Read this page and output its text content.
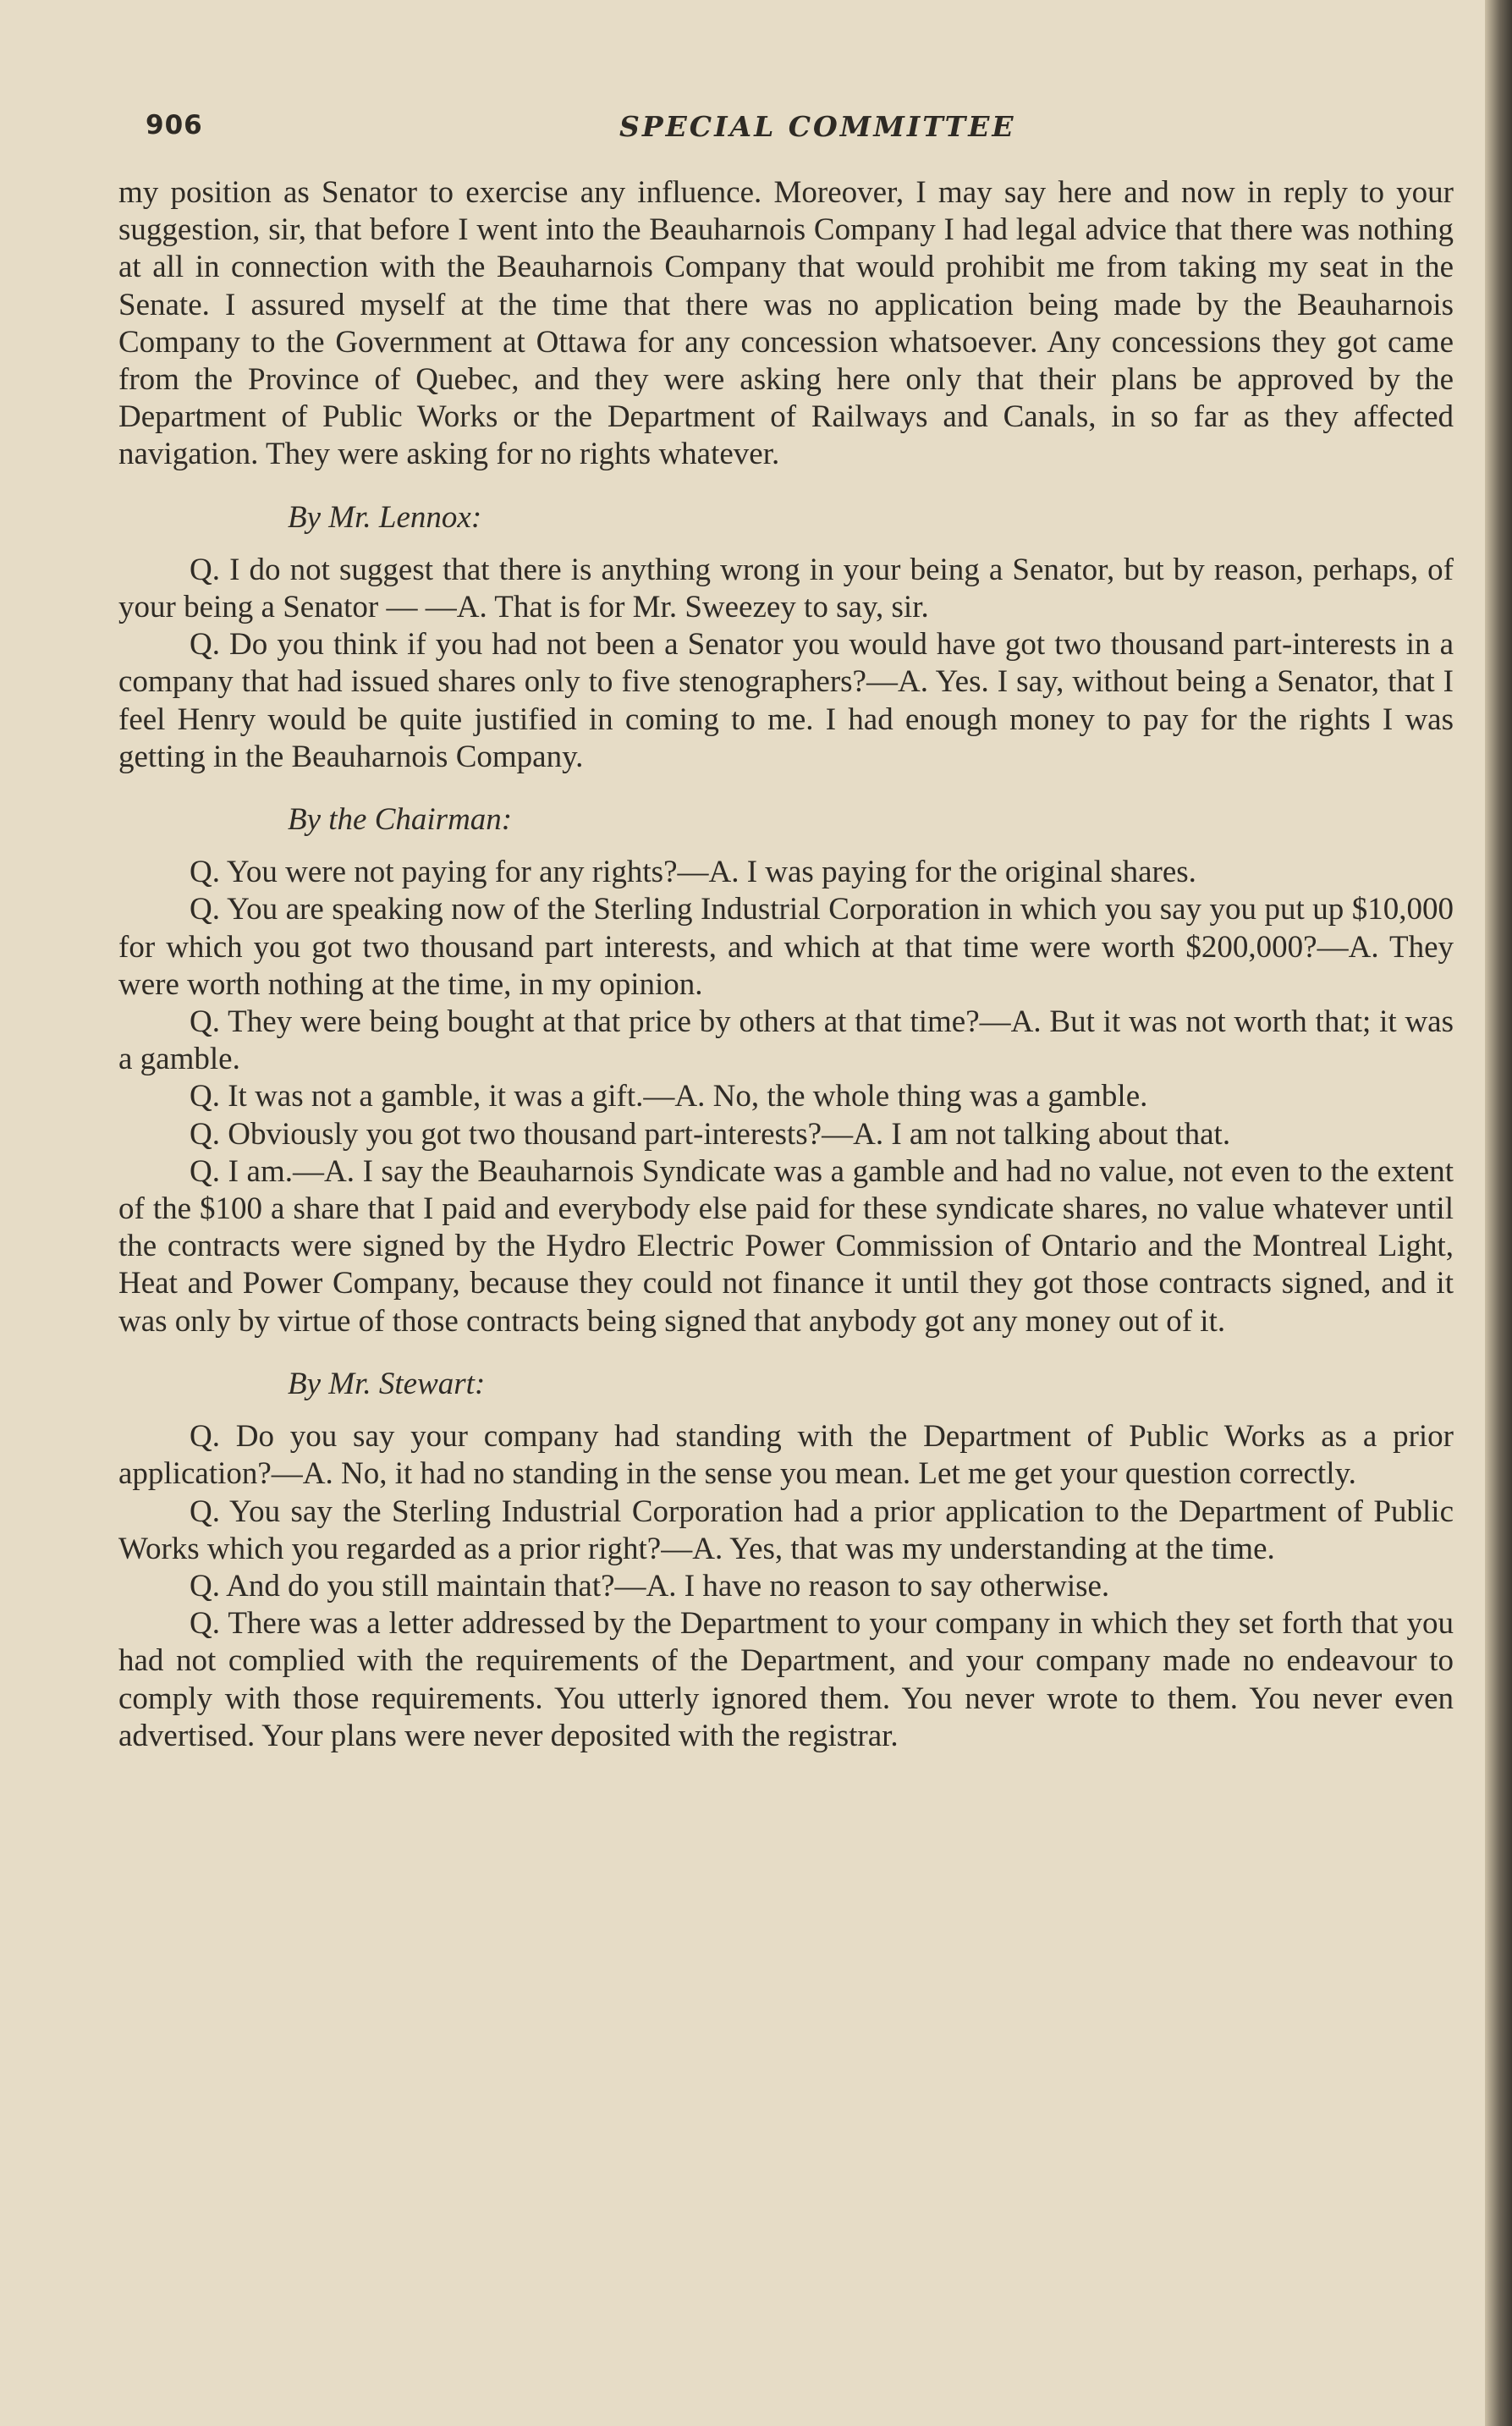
906	SPECIAL COMMITTEE

my position as Senator to exercise any influence. Moreover, I may say here and now in reply to your suggestion, sir, that before I went into the Beauharnois Company I had legal advice that there was nothing at all in connection with the Beauharnois Company that would prohibit me from taking my seat in the Senate. I assured myself at the time that there was no application being made by the Beauharnois Company to the Government at Ottawa for any concession whatsoever. Any concessions they got came from the Province of Quebec, and they were asking here only that their plans be approved by the Department of Public Works or the Department of Railways and Canals, in so far as they affected navigation. They were asking for no rights whatever.

By Mr. Lennox:

Q. I do not suggest that there is anything wrong in your being a Senator, but by reason, perhaps, of your being a Senator — —A. That is for Mr. Sweezey to say, sir.

Q. Do you think if you had not been a Senator you would have got two thousand part-interests in a company that had issued shares only to five stenographers?—A. Yes. I say, without being a Senator, that I feel Henry would be quite justified in coming to me. I had enough money to pay for the rights I was getting in the Beauharnois Company.

By the Chairman:

Q. You were not paying for any rights?—A. I was paying for the original shares.

Q. You are speaking now of the Sterling Industrial Corporation in which you say you put up $10,000 for which you got two thousand part interests, and which at that time were worth $200,000?—A. They were worth nothing at the time, in my opinion.

Q. They were being bought at that price by others at that time?—A. But it was not worth that; it was a gamble.

Q. It was not a gamble, it was a gift.—A. No, the whole thing was a gamble.

Q. Obviously you got two thousand part-interests?—A. I am not talking about that.

Q. I am.—A. I say the Beauharnois Syndicate was a gamble and had no value, not even to the extent of the $100 a share that I paid and everybody else paid for these syndicate shares, no value whatever until the contracts were signed by the Hydro Electric Power Commission of Ontario and the Montreal Light, Heat and Power Company, because they could not finance it until they got those contracts signed, and it was only by virtue of those contracts being signed that anybody got any money out of it.

By Mr. Stewart:

Q. Do you say your company had standing with the Department of Public Works as a prior application?—A. No, it had no standing in the sense you mean. Let me get your question correctly.

Q. You say the Sterling Industrial Corporation had a prior application to the Department of Public Works which you regarded as a prior right?—A. Yes, that was my understanding at the time.

Q. And do you still maintain that?—A. I have no reason to say otherwise.

Q. There was a letter addressed by the Department to your company in which they set forth that you had not complied with the requirements of the Department, and your company made no endeavour to comply with those requirements. You utterly ignored them. You never wrote to them. You never even advertised. Your plans were never deposited with the registrar.
